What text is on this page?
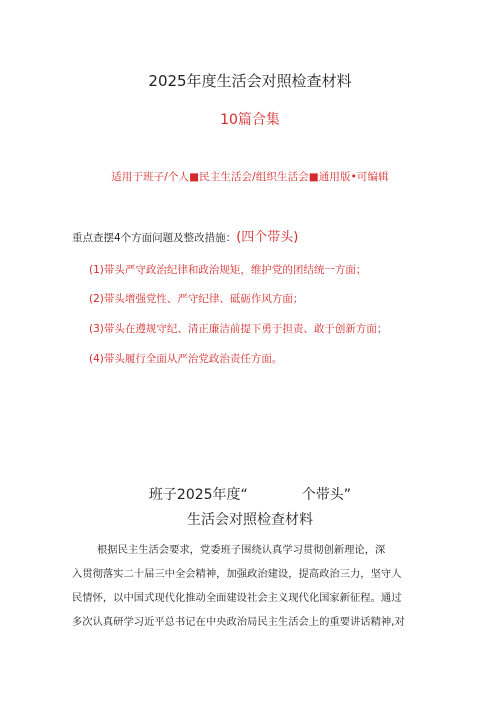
2025年度生活会对照检查材料
10篇合集
适用于班子/个人■民主生活会/组织生活会■通用版•可编辑
重点查摆4个方面问题及整改措施：(四个带头)
(1)带头严守政治纪律和政治规矩，维护党的团结统一方面；
(2)带头增强党性、严守纪律、砥砺作风方面；
(3)带头在遵规守纪、清正廉洁前提下勇于担责、敢于创新方面；
(4)带头履行全面从严治党政治责任方面。
班子2025年度“	个带头”
生活会对照检查材料
根据民主生活会要求，党委班子围绕认真学习贯彻创新理论，深
入贯彻落实二十届三中全会精神，加强政治建设，提高政治三力，坚守人
民情怀，以中国式现代化推动全面建设社会主义现代化国家新征程。通过
多次认真研学习近平总书记在中央政治局民主生活会上的重要讲话精神,对
